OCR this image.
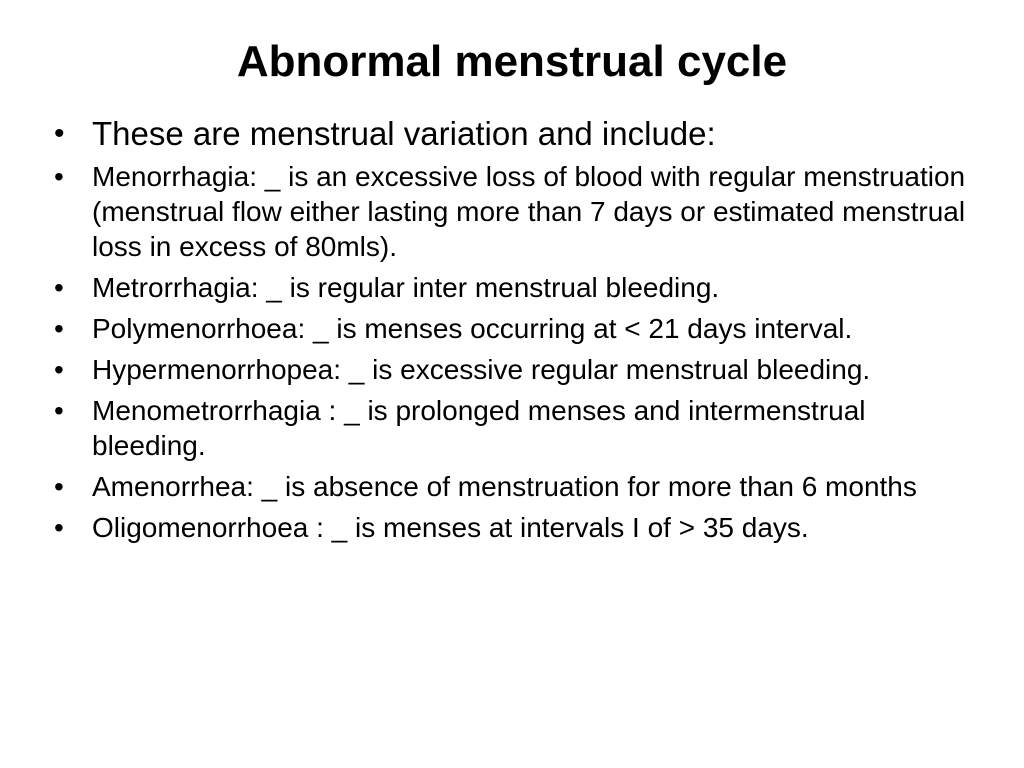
Abnormal menstrual cycle
• These are menstrual variation and include:
• Menorrhagia: _ is an excessive loss of blood with regular menstruation (menstrual flow either lasting more than 7 days or estimated menstrual loss in excess of 80mls).
• Metrorrhagia: _ is regular inter menstrual bleeding.
• Polymenorrhoea: _ is menses occurring at < 21 days interval.
• Hypermenorrhopea: _ is excessive regular menstrual bleeding.
• Menometrorrhagia : _ is prolonged menses and intermenstrual bleeding.
• Amenorrhea: _ is absence of menstruation for more than 6 months
• Oligomenorrhoea : _ is menses at intervals I of > 35 days.
